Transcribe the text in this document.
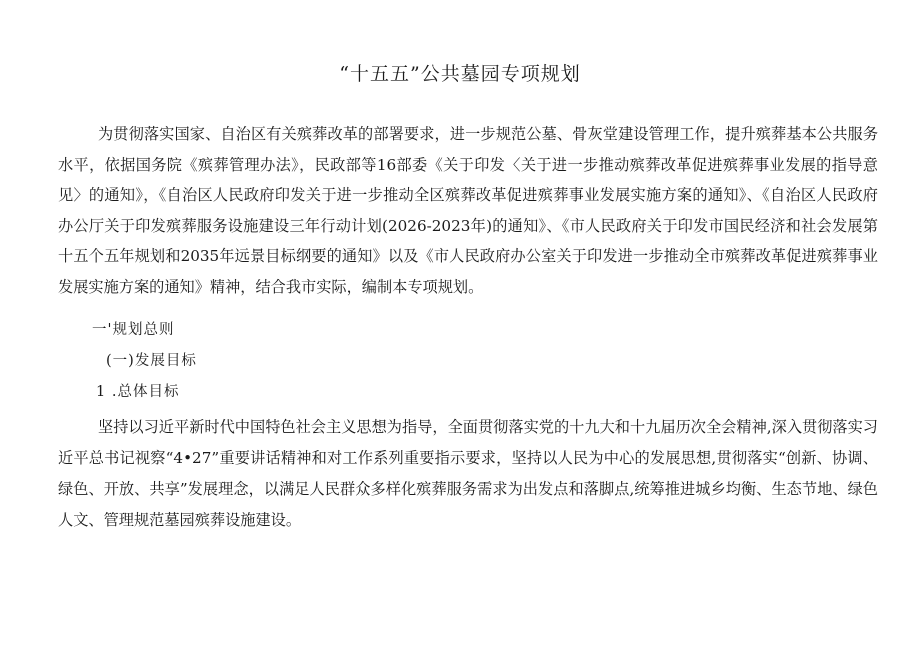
“十五五”公共墓园专项规划

为贯彻落实国家、自治区有关殡葬改革的部署要求，进一步规范公墓、骨灰堂建设管理工作，提升殡葬基本公共服务水平，依据国务院《殡葬管理办法》，民政部等16部委《关于印发〈关于进一步推动殡葬改革促进殡葬事业发展的指导意见〉的通知》，《自治区人民政府印发关于进一步推动全区殡葬改革促进殡葬事业发展实施方案的通知》、《自治区人民政府办公厅关于印发殡葬服务设施建设三年行动计划(2026-2023年)的通知》、《市人民政府关于印发市国民经济和社会发展第十五个五年规划和2035年远景目标纲要的通知》以及《市人民政府办公室关于印发进一步推动全市殡葬改革促进殡葬事业发展实施方案的通知》精神，结合我市实际，编制本专项规划。

一'规划总则

(一)发展目标

1 .总体目标

坚持以习近平新时代中国特色社会主义思想为指导，全面贯彻落实党的十九大和十九届历次全会精神,深入贯彻落实习近平总书记视察“4•27”重要讲话精神和对工作系列重要指示要求，坚持以人民为中心的发展思想,贯彻落实“创新、协调、绿色、开放、共享”发展理念，以满足人民群众多样化殡葬服务需求为出发点和落脚点,统筹推进城乡均衡、生态节地、绿色人文、管理规范墓园殡葬设施建设。
